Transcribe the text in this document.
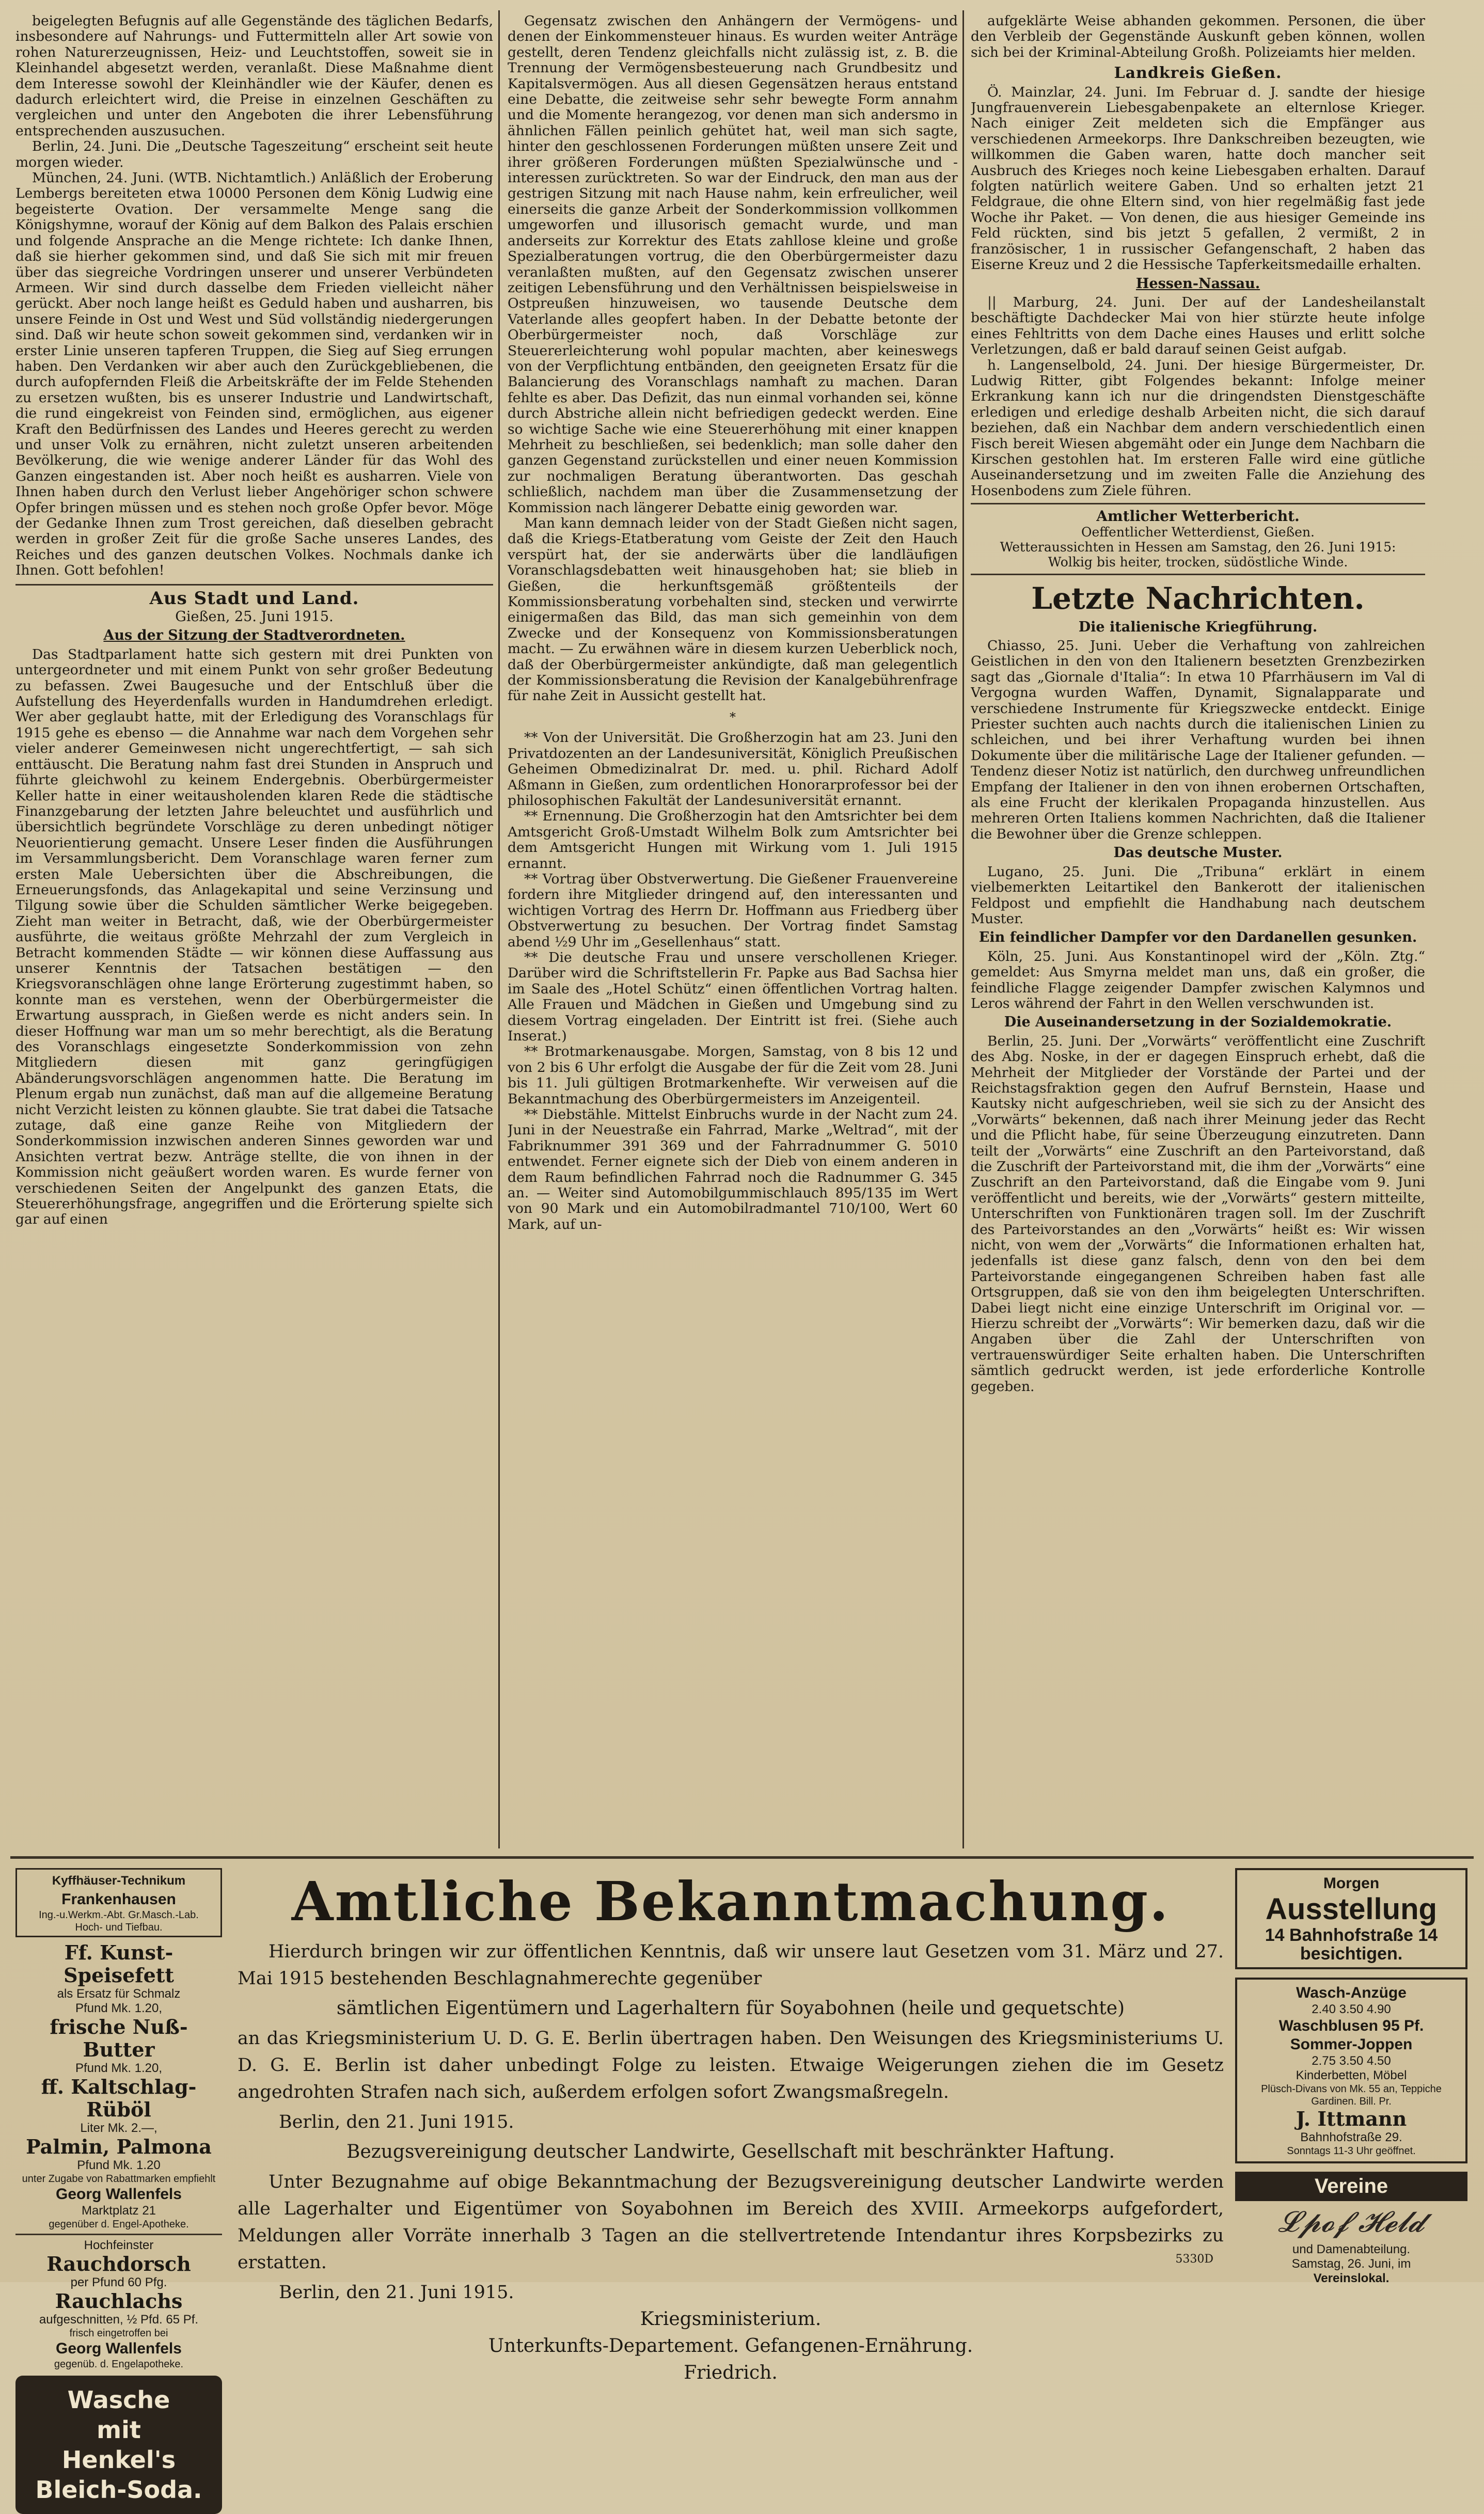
beigelegten Befugnis auf alle Gegenstände des täglichen Bedarfs, insbesondere auf Nahrungs- und Futtermitteln aller Art sowie von rohen Naturerzeugnissen, Heiz- und Leuchtstoffen, soweit sie in Kleinhandel abgesetzt werden, veranlaßt. Diese Maßnahme dient dem Interesse sowohl der Kleinhändler wie der Käufer, denen es dadurch erleichtert wird, die Preise in einzelnen Geschäften zu vergleichen und unter den Angeboten die ihrer Lebensführung entsprechenden auszusuchen.

Berlin, 24. Juni. Die „Deutsche Tageszeitung“ erscheint seit heute morgen wieder.

München, 24. Juni. (WTB. Nichtamtlich.) Anläßlich der Eroberung Lembergs bereiteten etwa 10000 Personen dem König Ludwig eine begeisterte Ovation. Der versammelte Menge sang die Königshymne, worauf der König auf dem Balkon des Palais erschien und folgende Ansprache an die Menge richtete: Ich danke Ihnen, daß sie hierher gekommen sind, und daß Sie sich mit mir freuen über das siegreiche Vordringen unserer und unserer Verbündeten Armeen. Wir sind durch dasselbe dem Frieden vielleicht näher gerückt. Aber noch lange heißt es Geduld haben und ausharren, bis unsere Feinde in Ost und West und Süd vollständig niedergerungen sind. Daß wir heute schon soweit gekommen sind, verdanken wir in erster Linie unseren tapferen Truppen, die Sieg auf Sieg errungen haben. Den Verdanken wir aber auch den Zurückgebliebenen, die durch aufopfernden Fleiß die Arbeitskräfte der im Felde Stehenden zu ersetzen wußten, bis es unserer Industrie und Landwirtschaft, die rund eingekreist von Feinden sind, ermöglichen, aus eigener Kraft den Bedürfnissen des Landes und Heeres gerecht zu werden und unser Volk zu ernähren, nicht zuletzt unseren arbeitenden Bevölkerung, die wie wenige anderer Länder für das Wohl des Ganzen eingestanden ist. Aber noch heißt es ausharren. Viele von Ihnen haben durch den Verlust lieber Angehöriger schon schwere Opfer bringen müssen und es stehen noch große Opfer bevor. Möge der Gedanke Ihnen zum Trost gereichen, daß dieselben gebracht werden in großer Zeit für die große Sache unseres Landes, des Reiches und des ganzen deutschen Volkes. Nochmals danke ich Ihnen. Gott befohlen!

Aus Stadt und Land.
Gießen, 25. Juni 1915.
Aus der Sitzung der Stadtverordneten.

Das Stadtparlament hatte sich gestern mit drei Punkten von untergeordneter und mit einem Punkt von sehr großer Bedeutung zu befassen. Zwei Baugesuche und der Entschluß über die Aufstellung des Heyerdenfalls wurden in Handumdrehen erledigt. Wer aber geglaubt hatte, mit der Erledigung des Voranschlags für 1915 gehe es ebenso — die Annahme war nach dem Vorgehen sehr vieler anderer Gemeinwesen nicht ungerechtfertigt, — sah sich enttäuscht. Die Beratung nahm fast drei Stunden in Anspruch und führte gleichwohl zu keinem Endergebnis. Oberbürgermeister Keller hatte in einer weitausholenden klaren Rede die städtische Finanzgebarung der letzten Jahre beleuchtet und ausführlich und übersichtlich begründete Vorschläge zu deren unbedingt nötiger Neuorientierung gemacht. Unsere Leser finden die Ausführungen im Versammlungsbericht. Dem Voranschlage waren ferner zum ersten Male Uebersichten über die Abschreibungen, die Erneuerungsfonds, das Anlagekapital und seine Verzinsung und Tilgung sowie über die Schulden sämtlicher Werke beigegeben. Zieht man weiter in Betracht, daß, wie der Oberbürgermeister ausführte, die weitaus größte Mehrzahl der zum Vergleich in Betracht kommenden Städte — wir können diese Auffassung aus unserer Kenntnis der Tatsachen bestätigen — den Kriegsvoranschlägen ohne lange Erörterung zugestimmt haben, so konnte man es verstehen, wenn der Oberbürgermeister die Erwartung aussprach, in Gießen werde es nicht anders sein. In dieser Hoffnung war man um so mehr berechtigt, als die Beratung des Voranschlags eingesetzte Sonderkommission von zehn Mitgliedern diesen mit ganz geringfügigen Abänderungsvorschlägen angenommen hatte. Die Beratung im Plenum ergab nun zunächst, daß man auf die allgemeine Beratung nicht Verzicht leisten zu können glaubte. Sie trat dabei die Tatsache zutage, daß eine ganze Reihe von Mitgliedern der Sonderkommission inzwischen anderen Sinnes geworden war und Ansichten vertrat bezw. Anträge stellte, die von ihnen in der Kommission nicht geäußert worden waren. Es wurde ferner von verschiedenen Seiten der Angelpunkt des ganzen Etats, die Steuererhöhungsfrage, angegriffen und die Erörterung spielte sich gar auf einen

Gegensatz zwischen den Anhängern der Vermögens- und denen der Einkommensteuer hinaus. Es wurden weiter Anträge gestellt, deren Tendenz gleichfalls nicht zulässig ist, z. B. die Trennung der Vermögensbesteuerung nach Grundbesitz und Kapitalsvermögen. Aus all diesen Gegensätzen heraus entstand eine Debatte, die zeitweise sehr sehr bewegte Form annahm und die Momente herangezog, vor denen man sich andersmo in ähnlichen Fällen peinlich gehütet hat, weil man sich sagte, hinter den geschlossenen Forderungen müßten unsere Zeit und ihrer größeren Forderungen müßten Spezialwünsche und -interessen zurücktreten. So war der Eindruck, den man aus der gestrigen Sitzung mit nach Hause nahm, kein erfreulicher, weil einerseits die ganze Arbeit der Sonderkommission vollkommen umgeworfen und illusorisch gemacht wurde, und man anderseits zur Korrektur des Etats zahllose kleine und große Spezialberatungen vortrug, die den Oberbürgermeister dazu veranlaßten mußten, auf den Gegensatz zwischen unserer zeitigen Lebensführung und den Verhältnissen beispielsweise in Ostpreußen hinzuweisen, wo tausende Deutsche dem Vaterlande alles geopfert haben. In der Debatte betonte der Oberbürgermeister noch, daß Vorschläge zur Steuererleichterung wohl popular machten, aber keineswegs von der Verpflichtung entbänden, den geeigneten Ersatz für die Balancierung des Voranschlags namhaft zu machen. Daran fehlte es aber. Das Defizit, das nun einmal vorhanden sei, könne durch Abstriche allein nicht befriedigen gedeckt werden. Eine so wichtige Sache wie eine Steuererhöhung mit einer knappen Mehrheit zu beschließen, sei bedenklich; man solle daher den ganzen Gegenstand zurückstellen und einer neuen Kommission zur nochmaligen Beratung überantworten. Das geschah schließlich, nachdem man über die Zusammensetzung der Kommission nach längerer Debatte einig geworden war.

Man kann demnach leider von der Stadt Gießen nicht sagen, daß die Kriegs-Etatberatung vom Geiste der Zeit den Hauch verspürt hat, der sie anderwärts über die landläufigen Voranschlagsdebatten weit hinausgehoben hat; sie blieb in Gießen, die herkunftsgemäß größtenteils der Kommissionsberatung vorbehalten sind, stecken und verwirrte einigermaßen das Bild, das man sich gemeinhin von dem Zwecke und der Konsequenz von Kommissionsberatungen macht. — Zu erwähnen wäre in diesem kurzen Ueberblick noch, daß der Oberbürgermeister ankündigte, daß man gelegentlich der Kommissionsberatung die Revision der Kanalgebührenfrage für nahe Zeit in Aussicht gestellt hat.

*

** Von der Universität. Die Großherzogin hat am 23. Juni den Privatdozenten an der Landesuniversität, Königlich Preußischen Geheimen Obmedizinalrat Dr. med. u. phil. Richard Adolf Aßmann in Gießen, zum ordentlichen Honorarprofessor bei der philosophischen Fakultät der Landesuniversität ernannt.

** Ernennung. Die Großherzogin hat den Amtsrichter bei dem Amtsgericht Groß-Umstadt Wilhelm Bolk zum Amtsrichter bei dem Amtsgericht Hungen mit Wirkung vom 1. Juli 1915 ernannt.

** Vortrag über Obstverwertung. Die Gießener Frauenvereine fordern ihre Mitglieder dringend auf, den interessanten und wichtigen Vortrag des Herrn Dr. Hoffmann aus Friedberg über Obstverwertung zu besuchen. Der Vortrag findet Samstag abend ½9 Uhr im „Gesellenhaus“ statt.

** Die deutsche Frau und unsere verschollenen Krieger. Darüber wird die Schriftstellerin Fr. Papke aus Bad Sachsa hier im Saale des „Hotel Schütz“ einen öffentlichen Vortrag halten. Alle Frauen und Mädchen in Gießen und Umgebung sind zu diesem Vortrag eingeladen. Der Eintritt ist frei. (Siehe auch Inserat.)

** Brotmarkenausgabe. Morgen, Samstag, von 8 bis 12 und von 2 bis 6 Uhr erfolgt die Ausgabe der für die Zeit vom 28. Juni bis 11. Juli gültigen Brotmarkenhefte. Wir verweisen auf die Bekanntmachung des Oberbürgermeisters im Anzeigenteil.

** Diebstähle. Mittelst Einbruchs wurde in der Nacht zum 24. Juni in der Neuestraße ein Fahrrad, Marke „Weltrad“, mit der Fabriknummer 391 369 und der Fahrradnummer G. 5010 entwendet. Ferner eignete sich der Dieb von einem anderen in dem Raum befindlichen Fahrrad noch die Radnummer G. 345 an. — Weiter sind Automobilgummischlauch 895/135 im Wert von 90 Mark und ein Automobilradmantel 710/100, Wert 60 Mark, auf un-

aufgeklärte Weise abhanden gekommen. Personen, die über den Verbleib der Gegenstände Auskunft geben können, wollen sich bei der Kriminal-Abteilung Großh. Polizeiamts hier melden.

Landkreis Gießen.

Ö. Mainzlar, 24. Juni. Im Februar d. J. sandte der hiesige Jungfrauenverein Liebesgabenpakete an elternlose Krieger. Nach einiger Zeit meldeten sich die Empfänger aus verschiedenen Armeekorps. Ihre Dankschreiben bezeugten, wie willkommen die Gaben waren, hatte doch mancher seit Ausbruch des Krieges noch keine Liebesgaben erhalten. Darauf folgten natürlich weitere Gaben. Und so erhalten jetzt 21 Feldgraue, die ohne Eltern sind, von hier regelmäßig fast jede Woche ihr Paket. — Von denen, die aus hiesiger Gemeinde ins Feld rückten, sind bis jetzt 5 gefallen, 2 vermißt, 2 in französischer, 1 in russischer Gefangenschaft, 2 haben das Eiserne Kreuz und 2 die Hessische Tapferkeitsmedaille erhalten.

Hessen-Nassau.

|| Marburg, 24. Juni. Der auf der Landesheilanstalt beschäftigte Dachdecker Mai von hier stürzte heute infolge eines Fehltritts von dem Dache eines Hauses und erlitt solche Verletzungen, daß er bald darauf seinen Geist aufgab.

h. Langenselbold, 24. Juni. Der hiesige Bürgermeister, Dr. Ludwig Ritter, gibt Folgendes bekannt: Infolge meiner Erkrankung kann ich nur die dringendsten Dienstgeschäfte erledigen und erledige deshalb Arbeiten nicht, die sich darauf beziehen, daß ein Nachbar dem andern verschiedentlich einen Fisch bereit Wiesen abgemäht oder ein Junge dem Nachbarn die Kirschen gestohlen hat. Im ersteren Falle wird eine gütliche Auseinandersetzung und im zweiten Falle die Anziehung des Hosenbodens zum Ziele führen.

Amtlicher Wetterbericht.
Oeffentlicher Wetterdienst, Gießen.
Wetteraussichten in Hessen am Samstag, den 26. Juni 1915:
Wolkig bis heiter, trocken, südöstliche Winde.
Letzte Nachrichten.
Die italienische Kriegführung.

Chiasso, 25. Juni. Ueber die Verhaftung von zahlreichen Geistlichen in den von den Italienern besetzten Grenzbezirken sagt das „Giornale d'Italia“: In etwa 10 Pfarrhäusern im Val di Vergogna wurden Waffen, Dynamit, Signalapparate und verschiedene Instrumente für Kriegszwecke entdeckt. Einige Priester suchten auch nachts durch die italienischen Linien zu schleichen, und bei ihrer Verhaftung wurden bei ihnen Dokumente über die militärische Lage der Italiener gefunden. — Tendenz dieser Notiz ist natürlich, den durchweg unfreundlichen Empfang der Italiener in den von ihnen erobernen Ortschaften, als eine Frucht der klerikalen Propaganda hinzustellen. Aus mehreren Orten Italiens kommen Nachrichten, daß die Italiener die Bewohner über die Grenze schleppen.

Das deutsche Muster.

Lugano, 25. Juni. Die „Tribuna“ erklärt in einem vielbemerkten Leitartikel den Bankerott der italienischen Feldpost und empfiehlt die Handhabung nach deutschem Muster.

Ein feindlicher Dampfer vor den Dardanellen gesunken.

Köln, 25. Juni. Aus Konstantinopel wird der „Köln. Ztg.“ gemeldet: Aus Smyrna meldet man uns, daß ein großer, die feindliche Flagge zeigender Dampfer zwischen Kalymnos und Leros während der Fahrt in den Wellen verschwunden ist.

Die Auseinandersetzung in der Sozialdemokratie.

Berlin, 25. Juni. Der „Vorwärts“ veröffentlicht eine Zuschrift des Abg. Noske, in der er dagegen Einspruch erhebt, daß die Mehrheit der Mitglieder der Vorstände der Partei und der Reichstagsfraktion gegen den Aufruf Bernstein, Haase und Kautsky nicht aufgeschrieben, weil sie sich zu der Ansicht des „Vorwärts“ bekennen, daß nach ihrer Meinung jeder das Recht und die Pflicht habe, für seine Überzeugung einzutreten. Dann teilt der „Vorwärts“ eine Zuschrift an den Parteivorstand, daß die Zuschrift der Parteivorstand mit, die ihm der „Vorwärts“ eine Zuschrift an den Parteivorstand, daß die Eingabe vom 9. Juni veröffentlicht und bereits, wie der „Vorwärts“ gestern mitteilte, Unterschriften von Funktionären tragen soll. Im der Zuschrift des Parteivorstandes an den „Vorwärts“ heißt es: Wir wissen nicht, von wem der „Vorwärts“ die Informationen erhalten hat, jedenfalls ist diese ganz falsch, denn von den bei dem Parteivorstande eingegangenen Schreiben haben fast alle Ortsgruppen, daß sie von den ihm beigelegten Unterschriften. Dabei liegt nicht eine einzige Unterschrift im Original vor. — Hierzu schreibt der „Vorwärts“: Wir bemerken dazu, daß wir die Angaben über die Zahl der Unterschriften von vertrauenswürdiger Seite erhalten haben. Die Unterschriften sämtlich gedruckt werden, ist jede erforderliche Kontrolle gegeben.

Kyffhäuser-Technikum
Frankenhausen
Ing.-u.Werkm.-Abt. Gr.Masch.-Lab.
Hoch- und Tiefbau.
Ff. Kunst-Speisefett
als Ersatz für Schmalz
Pfund Mk. 1.20,
frische Nuß-Butter
Pfund Mk. 1.20,
ff. Kaltschlag-Rüböl
Liter Mk. 2.—,
Palmin, Palmona
Pfund Mk. 1.20
unter Zugabe von Rabattmarken empfiehlt
Georg Wallenfels
Marktplatz 21
gegenüber d. Engel-Apotheke.
Hochfeinster
Rauchdorsch
per Pfund 60 Pfg.
Rauchlachs
aufgeschnitten, ½ Pfd. 65 Pf.
frisch eingetroffen bei
Georg Wallenfels
gegenüb. d. Engelapotheke.
Wasche
mit
Henkel's
Bleich-Soda.
Amtliche Bekanntmachung.

Hierdurch bringen wir zur öffentlichen Kenntnis, daß wir unsere laut Gesetzen vom 31. März und 27. Mai 1915 bestehenden Beschlagnahmerechte gegenüber

sämtlichen Eigentümern und Lagerhaltern für Soyabohnen (heile und gequetschte)

an das Kriegsministerium U. D. G. E. Berlin übertragen haben. Den Weisungen des Kriegsministeriums U. D. G. E. Berlin ist daher unbedingt Folge zu leisten. Etwaige Weigerungen ziehen die im Gesetz angedrohten Strafen nach sich, außerdem erfolgen sofort Zwangsmaßregeln.

Berlin, den 21. Juni 1915.

Bezugsvereinigung deutscher Landwirte, Gesellschaft mit beschränkter Haftung.

Unter Bezugnahme auf obige Bekanntmachung der Bezugsvereinigung deutscher Landwirte werden alle Lagerhalter und Eigentümer von Soyabohnen im Bereich des XVIII. Armeekorps aufgefordert, Meldungen aller Vorräte innerhalb 3 Tagen an die stellvertretende Intendantur ihres Korpsbezirks zu erstatten.

Berlin, den 21. Juni 1915.

Kriegsministerium.
Unterkunfts-Departement. Gefangenen-Ernährung.
Friedrich.
5330D
Morgen
Ausstellung
14 Bahnhofstraße 14
besichtigen.
Wasch-Anzüge
2.40 3.50 4.90
Waschblusen 95 Pf.
Sommer-Joppen
2.75 3.50 4.50
Kinderbetten, Möbel
Plüsch-Divans von Mk. 55 an, Teppiche Gardinen. Bill. Pr.
J. Ittmann
Bahnhofstraße 29.
Sonntags 11-3 Uhr geöffnet.
Vereine
𝓛𝓹𝓸𝓯 𝓗𝓮𝓵𝓭
und Damenabteilung.
Samstag, 26. Juni, im
Vereinslokal.
